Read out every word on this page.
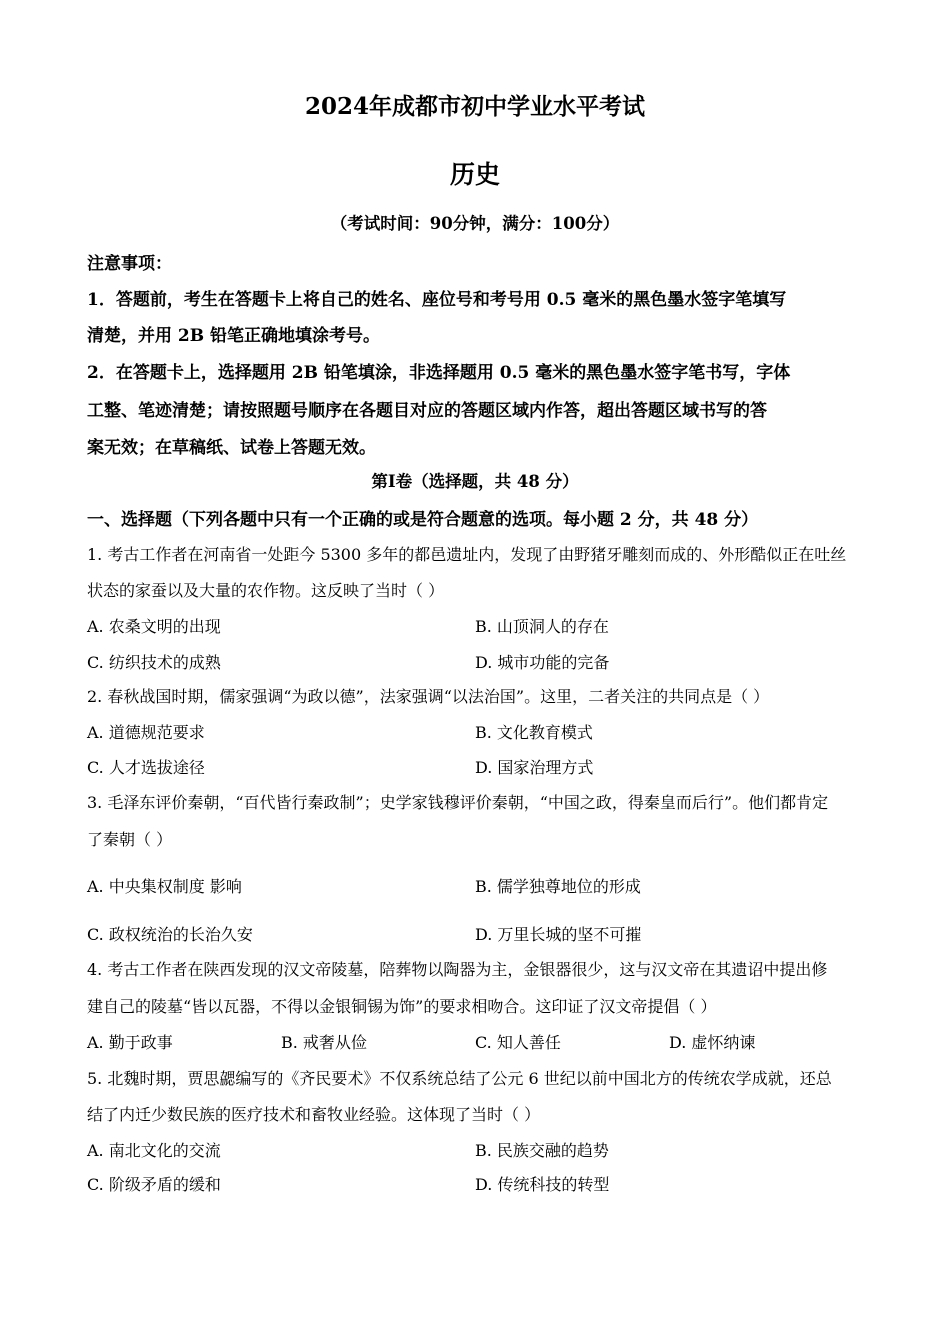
2024年成都市初中学业水平考试
历史
（考试时间：90分钟，满分：100分）
注意事项：
1．答题前，考生在答题卡上将自己的姓名、座位号和考号用 0.5 毫米的黑色墨水签字笔填写
清楚，并用 2B 铅笔正确地填涂考号。
2．在答题卡上，选择题用 2B 铅笔填涂，非选择题用 0.5 毫米的黑色墨水签字笔书写，字体
工整、笔迹清楚；请按照题号顺序在各题目对应的答题区域内作答，超出答题区域书写的答
案无效；在草稿纸、试卷上答题无效。
第Ⅰ卷（选择题，共 48 分）
一、选择题（下列各题中只有一个正确的或是符合题意的选项。每小题 2 分，共 48 分）
1. 考古工作者在河南省一处距今 5300 多年的都邑遗址内，发现了由野猪牙雕刻而成的、外形酷似正在吐丝
状态的家蚕以及大量的农作物。这反映了当时（ ）
A. 农桑文明的出现	B. 山顶洞人的存在
C. 纺织技术的成熟	D. 城市功能的完备
2. 春秋战国时期，儒家强调“为政以德”，法家强调“以法治国”。这里，二者关注的共同点是（ ）
A. 道德规范要求	B. 文化教育模式
C. 人才选拔途径	D. 国家治理方式
3. 毛泽东评价秦朝，“百代皆行秦政制”；史学家钱穆评价秦朝，“中国之政，得秦皇而后行”。他们都肯定
了秦朝（ ）
A. 中央集权制度 影响	B. 儒学独尊地位的形成
C. 政权统治的长治久安	D. 万里长城的坚不可摧
4. 考古工作者在陕西发现的汉文帝陵墓，陪葬物以陶器为主，金银器很少，这与汉文帝在其遗诏中提出修
建自己的陵墓“皆以瓦器，不得以金银铜锡为饰”的要求相吻合。这印证了汉文帝提倡（ ）
A. 勤于政事	B. 戒奢从俭	C. 知人善任	D. 虚怀纳谏
5. 北魏时期，贾思勰编写的《齐民要术》不仅系统总结了公元 6 世纪以前中国北方的传统农学成就，还总
结了内迁少数民族的医疗技术和畜牧业经验。这体现了当时（ ）
A. 南北文化的交流	B. 民族交融的趋势
C. 阶级矛盾的缓和	D. 传统科技的转型
